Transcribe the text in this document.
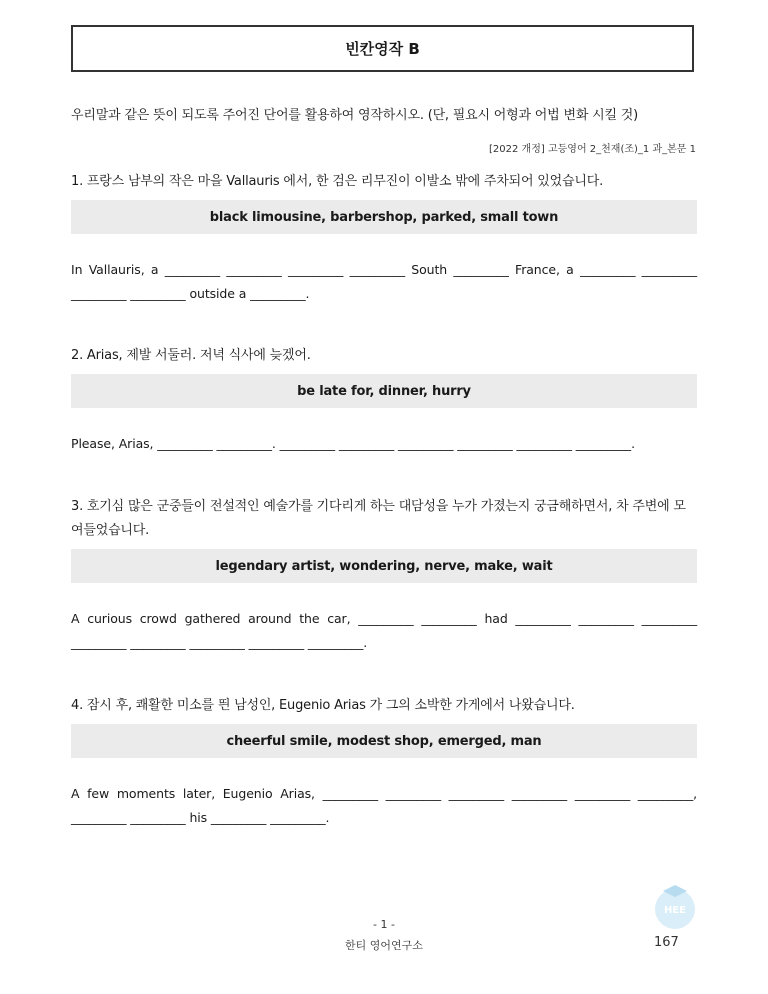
빈칸영작 B
우리말과 같은 뜻이 되도록 주어진 단어를 활용하여 영작하시오. (단, 필요시 어형과 어법 변화 시킬 것)
[2022 개정] 고등영어 2_천재(조)_1 과_본문 1
1. 프랑스 남부의 작은 마을 Vallauris 에서, 한 검은 리무진이 이발소 밖에 주차되어 있었습니다.
black limousine, barbershop, parked, small town
In Vallauris, a _________ _________ _________ _________ South _________ France, a _________ _________ _________ _________ outside a _________.
2. Arias, 제발 서둘러. 저녁 식사에 늦겠어.
be late for, dinner, hurry
Please, Arias, _________ _________. _________ _________ _________ _________ _________ _________.
3. 호기심 많은 군중들이 전설적인 예술가를 기다리게 하는 대담성을 누가 가졌는지 궁금해하면서, 차 주변에 모여들었습니다.
legendary artist, wondering, nerve, make, wait
A curious crowd gathered around the car, _________ _________ had _________ _________ _________ _________ _________ _________ _________ _________.
4. 잠시 후, 쾌활한 미소를 띈 남성인, Eugenio Arias 가 그의 소박한 가게에서 나왔습니다.
cheerful smile, modest shop, emerged, man
A few moments later, Eugenio Arias, _________ _________ _________ _________ _________ _________, _________ _________ his _________ _________.
HEE
- 1 -
한티 영어연구소	167
